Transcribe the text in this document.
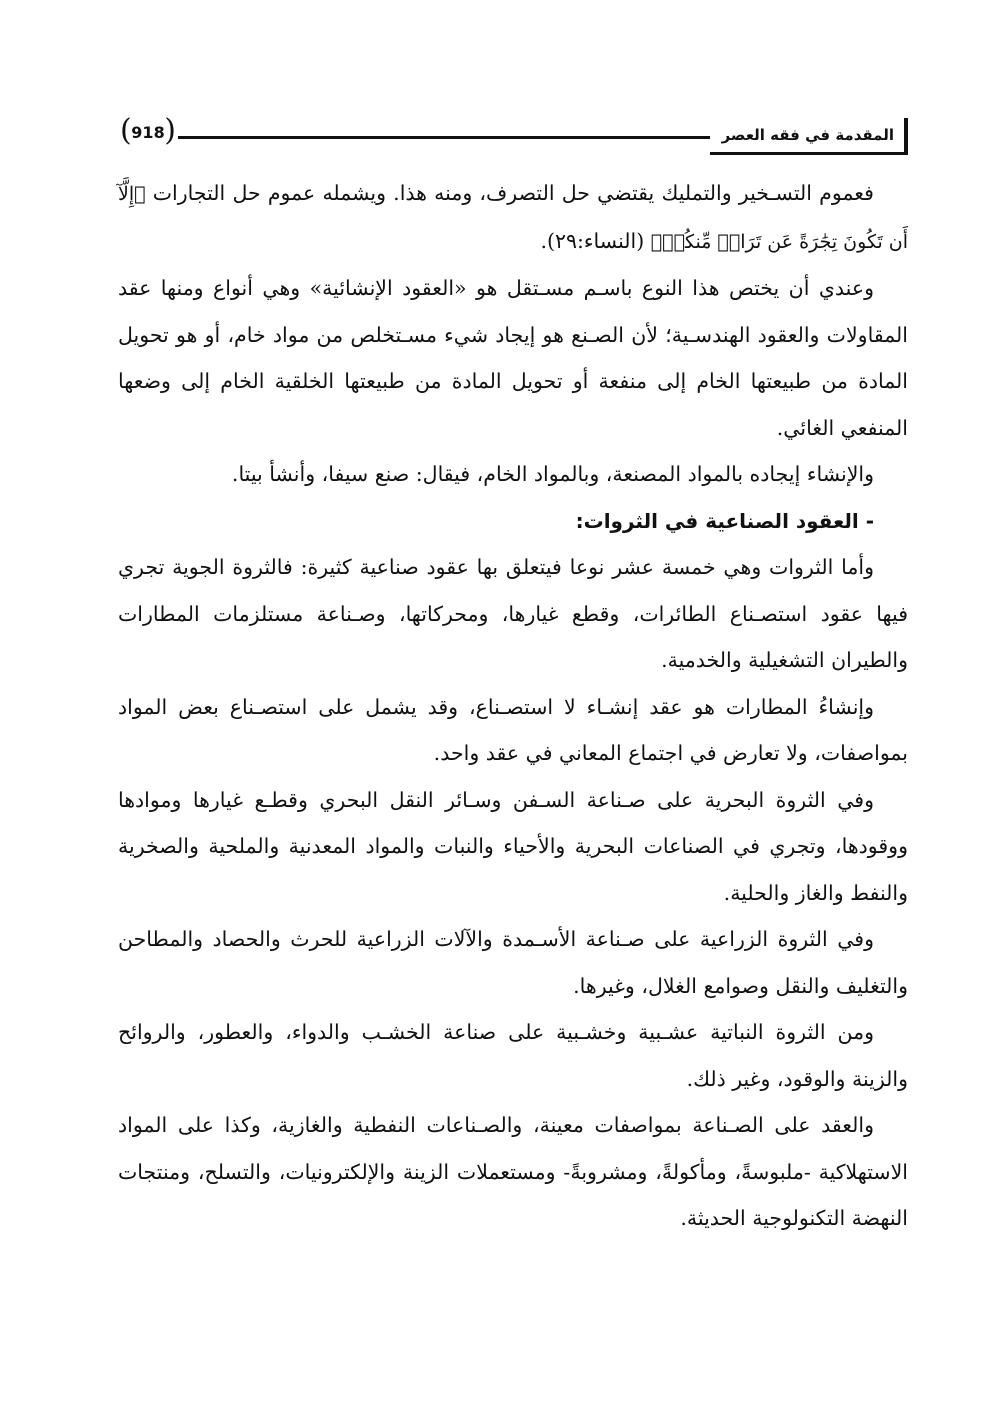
المقدمة في فقه العصر
( 918 )

فعموم التسـخير والتمليك يقتضي حل التصرف، ومنه هذا. ويشمله عموم حل التجارات ﴿إِلَّآ أَن تَكُونَ تِجَٰرَةً عَن تَرَاضٖ مِّنكُمۡ﴾ (النساء:٢٩).

وعندي أن يختص هذا النوع باسـم مسـتقل هو «العقود الإنشائية» وهي أنواع ومنها عقد المقاولات والعقود الهندسـية؛ لأن الصـنع هو إيجاد شيء مسـتخلص من مواد خام، أو هو تحويل المادة من طبيعتها الخام إلى منفعة أو تحويل المادة من طبيعتها الخلقية الخام إلى وضعها المنفعي الغائي.

والإنشاء إيجاده بالمواد المصنعة، وبالمواد الخام، فيقال: صنع سيفا، وأنشأ بيتا.

- العقود الصناعية في الثروات:

وأما الثروات وهي خمسة عشر نوعا فيتعلق بها عقود صناعية كثيرة: فالثروة الجوية تجري فيها عقود استصـناع الطائرات، وقطع غيارها، ومحركاتها، وصـناعة مستلزمات المطارات والطيران التشغيلية والخدمية.

وإنشاءُ المطارات هو عقد إنشـاء لا استصـناع، وقد يشمل على استصـناع بعض المواد بمواصفات، ولا تعارض في اجتماع المعاني في عقد واحد.

وفي الثروة البحرية على صـناعة السـفن وسـائر النقل البحري وقطـع غيارها وموادها ووقودها، وتجري في الصناعات البحرية والأحياء والنبات والمواد المعدنية والملحية والصخرية والنفط والغاز والحلية.

وفي الثروة الزراعية على صـناعة الأسـمدة والآلات الزراعية للحرث والحصاد والمطاحن والتغليف والنقل وصوامع الغلال، وغيرها.

ومن الثروة النباتية عشـبية وخشـبية على صناعة الخشـب والدواء، والعطور، والروائح والزينة والوقود، وغير ذلك.

والعقد على الصـناعة بمواصفات معينة، والصـناعات النفطية والغازية، وكذا على المواد الاستهلاكية -ملبوسةً، ومأكولةً، ومشروبةً- ومستعملات الزينة والإلكترونيات، والتسلح، ومنتجات النهضة التكنولوجية الحديثة.
